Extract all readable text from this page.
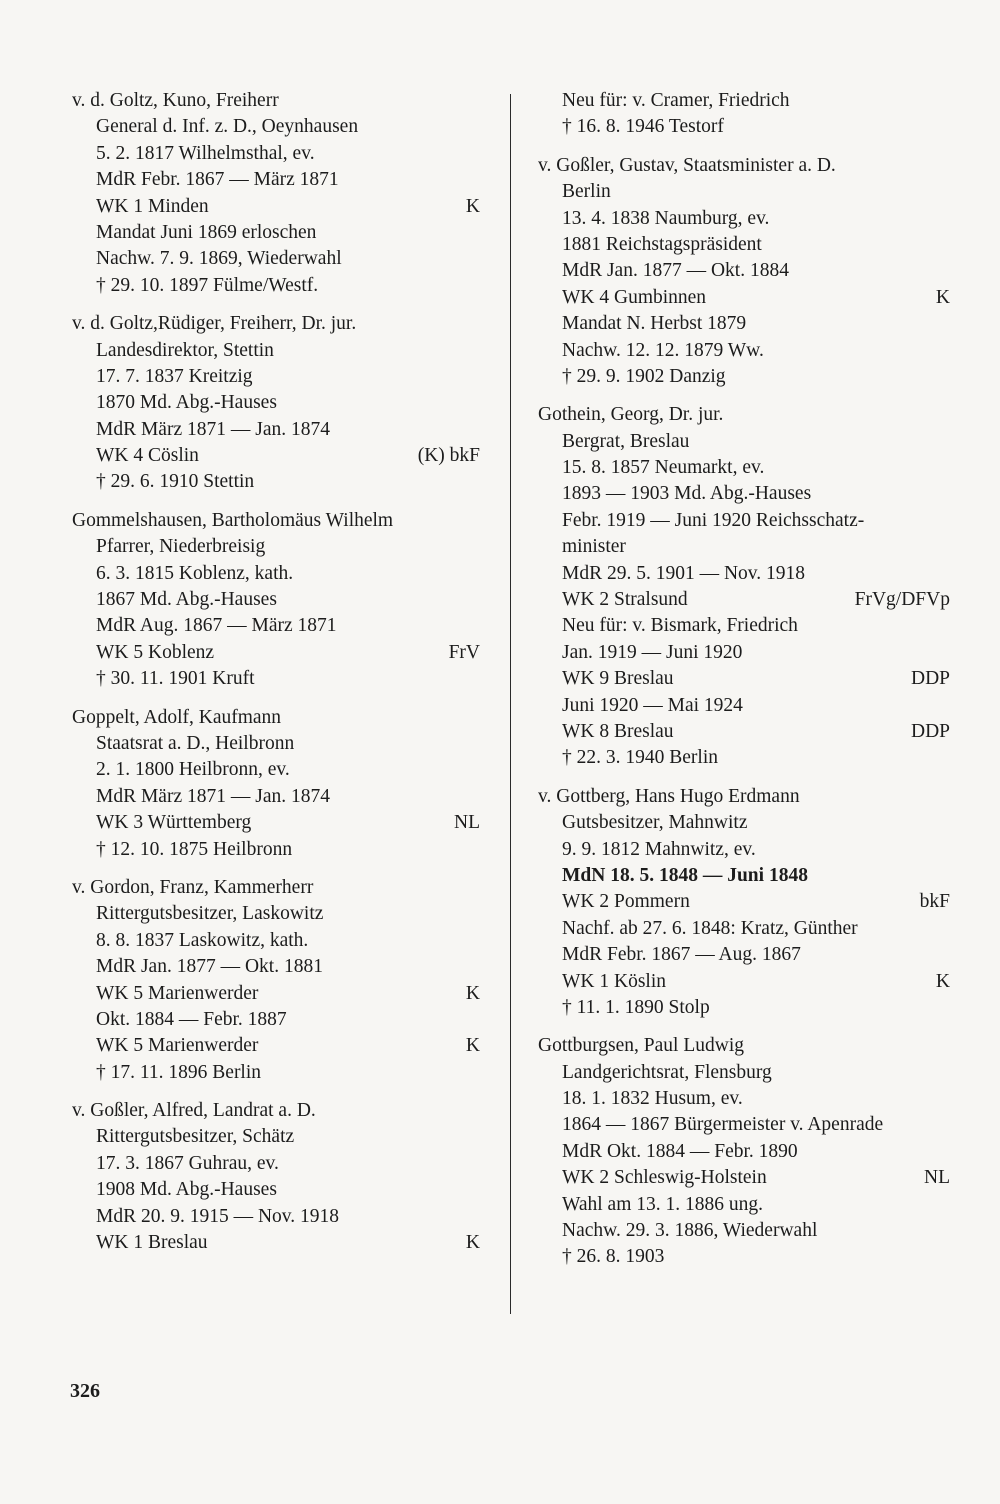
v. d. Goltz, Kuno, Freiherr
General d. Inf. z. D., Oeynhausen
5. 2. 1817 Wilhelmsthal, ev.
MdR Febr. 1867 — März 1871
WK 1 Minden	K
Mandat Juni 1869 erloschen
Nachw. 7. 9. 1869, Wiederwahl
† 29. 10. 1897 Fülme/Westf.
v. d. Goltz,Rüdiger, Freiherr, Dr. jur.
Landesdirektor, Stettin
17. 7. 1837 Kreitzig
1870 Md. Abg.-Hauses
MdR März 1871 — Jan. 1874
WK 4 Cöslin	(K) bkF
† 29. 6. 1910 Stettin
Gommelshausen, Bartholomäus Wilhelm
Pfarrer, Niederbreisig
6. 3. 1815 Koblenz, kath.
1867 Md. Abg.-Hauses
MdR Aug. 1867 — März 1871
WK 5 Koblenz	FrV
† 30. 11. 1901 Kruft
Goppelt, Adolf, Kaufmann
Staatsrat a. D., Heilbronn
2. 1. 1800 Heilbronn, ev.
MdR März 1871 — Jan. 1874
WK 3 Württemberg	NL
† 12. 10. 1875 Heilbronn
v. Gordon, Franz, Kammerherr
Rittergutsbesitzer, Laskowitz
8. 8. 1837 Laskowitz, kath.
MdR Jan. 1877 — Okt. 1881
WK 5 Marienwerder	K
Okt. 1884 — Febr. 1887
WK 5 Marienwerder	K
† 17. 11. 1896 Berlin
v. Goßler, Alfred, Landrat a. D.
Rittergutsbesitzer, Schätz
17. 3. 1867 Guhrau, ev.
1908 Md. Abg.-Hauses
MdR 20. 9. 1915 — Nov. 1918
WK 1 Breslau	K
Neu für: v. Cramer, Friedrich
† 16. 8. 1946 Testorf
v. Goßler, Gustav, Staatsminister a. D.
Berlin
13. 4. 1838 Naumburg, ev.
1881 Reichstagspräsident
MdR Jan. 1877 — Okt. 1884
WK 4 Gumbinnen	K
Mandat N. Herbst 1879
Nachw. 12. 12. 1879 Ww.
† 29. 9. 1902 Danzig
Gothein, Georg, Dr. jur.
Bergrat, Breslau
15. 8. 1857 Neumarkt, ev.
1893 — 1903 Md. Abg.-Hauses
Febr. 1919 — Juni 1920 Reichsschatz-
minister
MdR 29. 5. 1901 — Nov. 1918
WK 2 Stralsund	FrVg/DFVp
Neu für: v. Bismark, Friedrich
Jan. 1919 — Juni 1920
WK 9 Breslau	DDP
Juni 1920 — Mai 1924
WK 8 Breslau	DDP
† 22. 3. 1940 Berlin
v. Gottberg, Hans Hugo Erdmann
Gutsbesitzer, Mahnwitz
9. 9. 1812 Mahnwitz, ev.
MdN 18. 5. 1848 — Juni 1848
WK 2 Pommern	bkF
Nachf. ab 27. 6. 1848: Kratz, Günther
MdR Febr. 1867 — Aug. 1867
WK 1 Köslin	K
† 11. 1. 1890 Stolp
Gottburgsen, Paul Ludwig
Landgerichtsrat, Flensburg
18. 1. 1832 Husum, ev.
1864 — 1867 Bürgermeister v. Apenrade
MdR Okt. 1884 — Febr. 1890
WK 2 Schleswig-Holstein	NL
Wahl am 13. 1. 1886 ung.
Nachw. 29. 3. 1886, Wiederwahl
† 26. 8. 1903
326
